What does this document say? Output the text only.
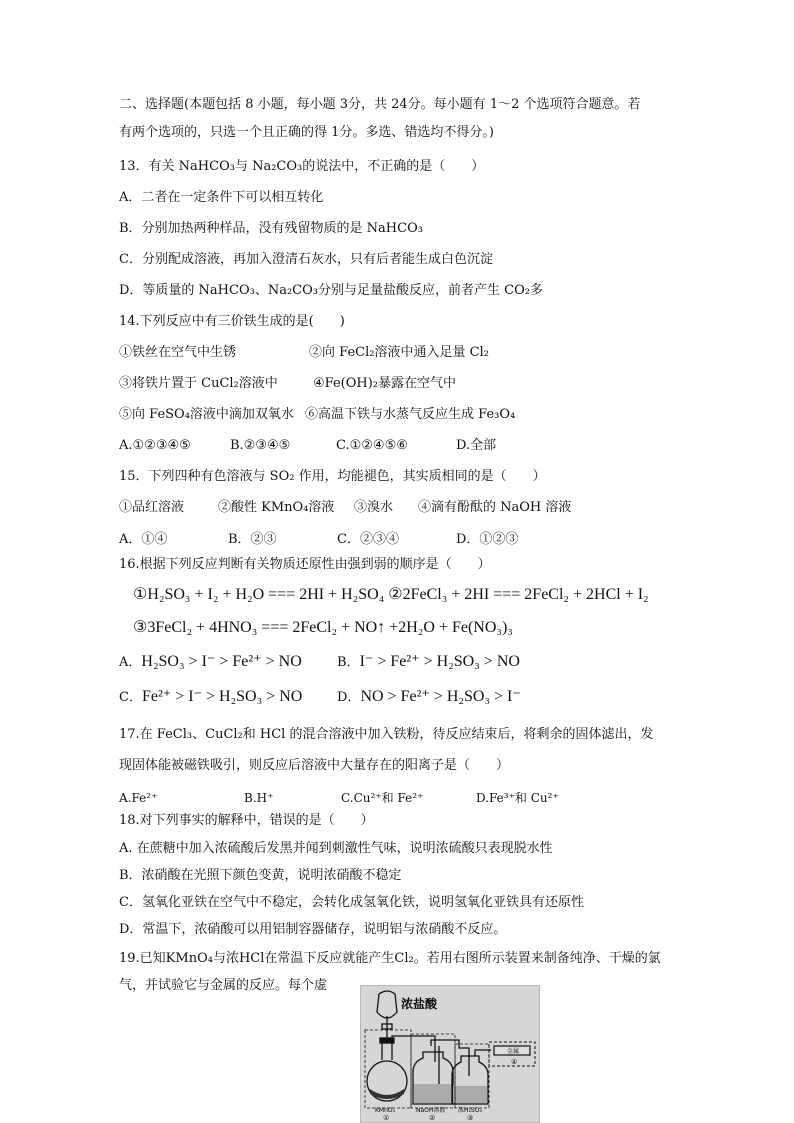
二、选择题(本题包括 8 小题，每小题 3分，共 24分。每小题有 1～2 个选项符合题意。若
有两个选项的，只选一个且正确的得 1分。多选、错选均不得分。)
13．有关 NaHCO₃与 Na₂CO₃的说法中，不正确的是（　　）
A．二者在一定条件下可以相互转化
B．分别加热两种样品，没有残留物质的是 NaHCO₃
C．分别配成溶液，再加入澄清石灰水，只有后者能生成白色沉淀
D．等质量的 NaHCO₃、Na₂CO₃分别与足量盐酸反应，前者产生 CO₂多
14.下列反应中有三价铁生成的是(　　)
①铁丝在空气中生锈	②向 FeCl₂溶液中通入足量 Cl₂
③将铁片置于 CuCl₂溶液中	④Fe(OH)₂暴露在空气中
⑤向 FeSO₄溶液中滴加双氧水 ⑥高温下铁与水蒸气反应生成 Fe₃O₄
A.①②③④⑤	B.②③④⑤	C.①②④⑤⑥	D.全部
15．下列四种有色溶液与 SO₂ 作用，均能褪色，其实质相同的是（　　）
①品红溶液	②酸性 KMnO₄溶液 ③溴水 ④滴有酚酞的 NaOH 溶液
A．①④	B．②③	C．②③④	D．①②③
16.根据下列反应判断有关物质还原性由强到弱的顺序是（　　）
①H₂SO₃ + I₂ + H₂O === 2HI + H₂SO₄ ②2FeCl₃ + 2HI === 2FeCl₂ + 2HCl + I₂
③3FeCl₂ + 4HNO₃ === 2FeCl₂ + NO↑ +2H₂O + Fe(NO₃)₃
A．H₂SO₃ > I⁻ > Fe²⁺ > NO	B．I⁻ > Fe²⁺ > H₂SO₃ > NO
C．Fe²⁺ > I⁻ > H₂SO₃ > NO	D．NO > Fe²⁺ > H₂SO₃ > I⁻
17.在 FeCl₃、CuCl₂和 HCl 的混合溶液中加入铁粉，待反应结束后，将剩余的固体滤出，发
现固体能被磁铁吸引，则反应后溶液中大量存在的阳离子是（　　）
A.Fe²⁺	B.H⁺	C.Cu²⁺和 Fe²⁺	D.Fe³⁺和 Cu²⁺
18.对下列事实的解释中，错误的是（　　）
A. 在蔗糖中加入浓硫酸后发黑并闻到刺激性气味，说明浓硫酸只表现脱水性
B．浓硝酸在光照下颜色变黄，说明浓硝酸不稳定
C．氢氧化亚铁在空气中不稳定，会转化成氢氧化铁，说明氢氧化亚铁具有还原性
D．常温下，浓硝酸可以用铝制容器储存，说明铝与浓硝酸不反应。
19.已知KMnO₄与浓HCl在常温下反应就能产生Cl₂。若用右图所示装置来制备纯净、干燥的氯
气，并试验它与金属的反应。每个虚
浓盐酸
KMnO₄	NaOH溶液 浓H₂SO₄
金属
①	②	③
④
